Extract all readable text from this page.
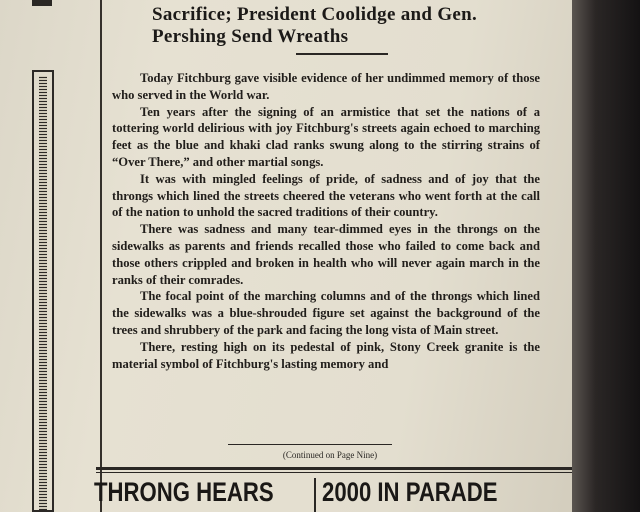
Sacrifice; President Coolidge and Gen.
Pershing Send Wreaths

Today Fitchburg gave visible evidence of her undimmed memory of those who served in the World war.

Ten years after the signing of an armistice that set the nations of a tottering world delirious with joy Fitchburg's streets again echoed to marching feet as the blue and khaki clad ranks swung along to the stirring strains of “Over There,” and other martial songs.

It was with mingled feelings of pride, of sadness and of joy that the throngs which lined the streets cheered the veterans who went forth at the call of the nation to unhold the sacred traditions of their country.

There was sadness and many tear-dimmed eyes in the throngs on the sidewalks as parents and friends recalled those who failed to come back and those others crippled and broken in health who will never again march in the ranks of their comrades.

The focal point of the marching columns and of the throngs which lined the sidewalks was a blue-shrouded figure set against the background of the trees and shrubbery of the park and facing the long vista of Main street.

There, resting high on its pedestal of pink, Stony Creek granite is the material symbol of Fitchburg's lasting memory and

(Continued on Page Nine)
THRONG HEARS 2000 IN PARADE
